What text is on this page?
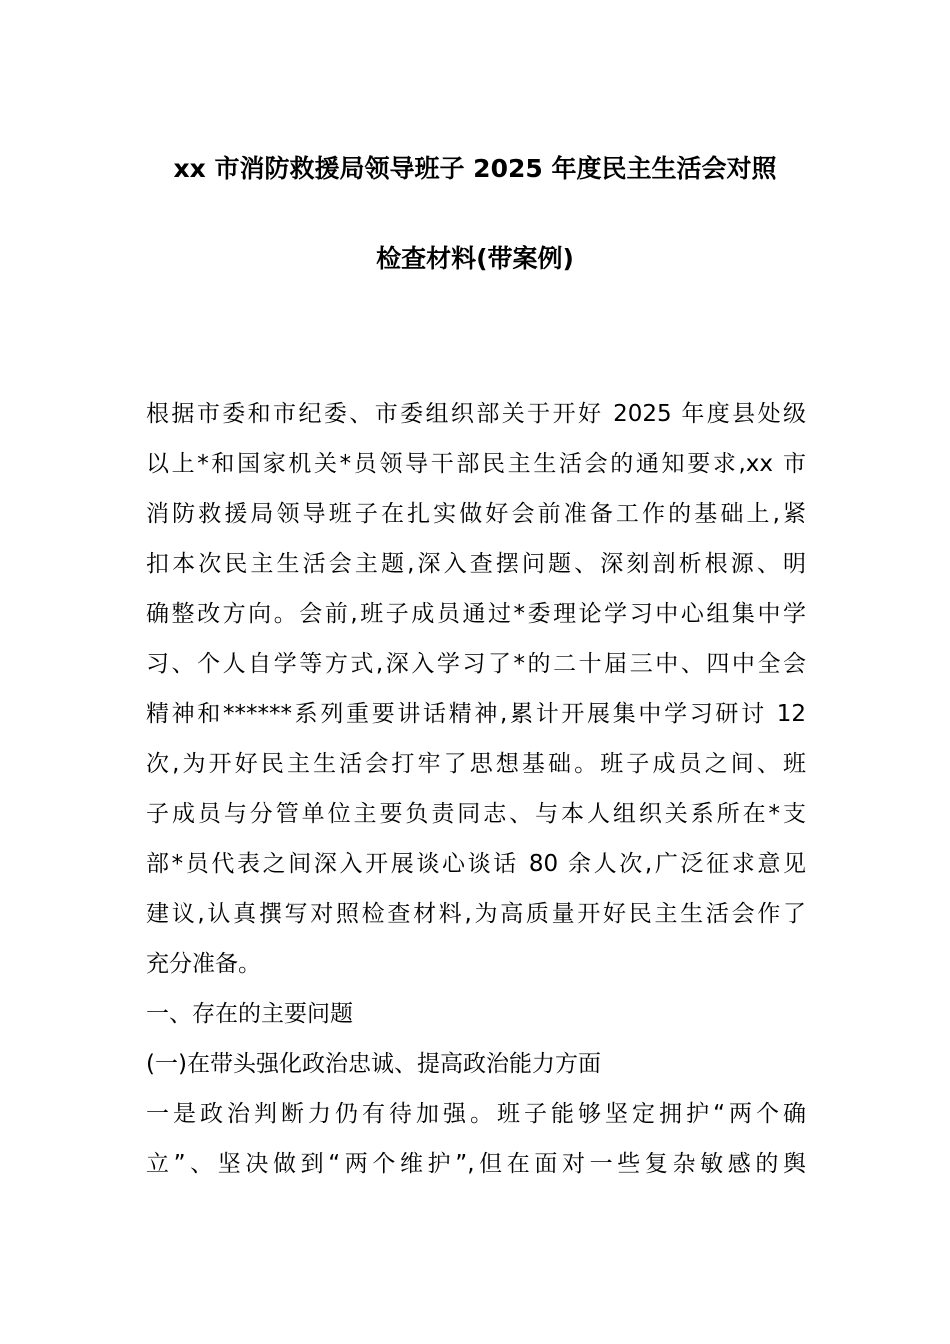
xx 市消防救援局领导班子 2025 年度民主生活会对照
检查材料(带案例)
根据市委和市纪委、市委组织部关于开好 2025 年度县处级
以上*和国家机关*员领导干部民主生活会的通知要求,xx 市
消防救援局领导班子在扎实做好会前准备工作的基础上,紧
扣本次民主生活会主题,深入查摆问题、深刻剖析根源、明
确整改方向。会前,班子成员通过*委理论学习中心组集中学
习、个人自学等方式,深入学习了*的二十届三中、四中全会
精神和******系列重要讲话精神,累计开展集中学习研讨 12
次,为开好民主生活会打牢了思想基础。班子成员之间、班
子成员与分管单位主要负责同志、与本人组织关系所在*支
部*员代表之间深入开展谈心谈话 80 余人次,广泛征求意见
建议,认真撰写对照检查材料,为高质量开好民主生活会作了
充分准备。
一、存在的主要问题
(一)在带头强化政治忠诚、提高政治能力方面
一是政治判断力仍有待加强。班子能够坚定拥护“两个确
立”、坚决做到“两个维护”,但在面对一些复杂敏感的舆
